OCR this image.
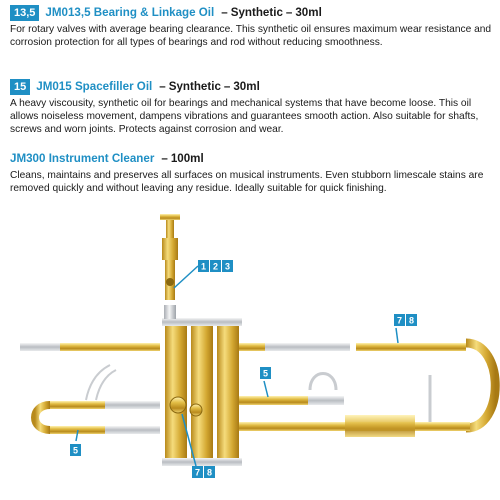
13,5 JM013,5 Bearing & Linkage Oil – Synthetic – 30ml

For rotary valves with average bearing clearance. This synthetic oil ensures maximum wear resistance and corrosion protection for all types of bearings and rod without reducing smoothness.

15 JM015 Spacefiller Oil – Synthetic – 30ml

A heavy viscousity, synthetic oil for bearings and mechanical systems that have become loose. This oil allows noiseless movement, dampens vibrations and guarantees smooth action. Also suitable for shafts, screws and worn joints. Protects against corrosion and wear.

JM300 Instrument Cleaner – 100ml

Cleans, maintains and preserves all surfaces on musical instruments. Even stubborn limescale stains are removed quickly and without leaving any residue. Ideally suitable for quick finishing.

1 2 3
7 8
5
5
7 8
